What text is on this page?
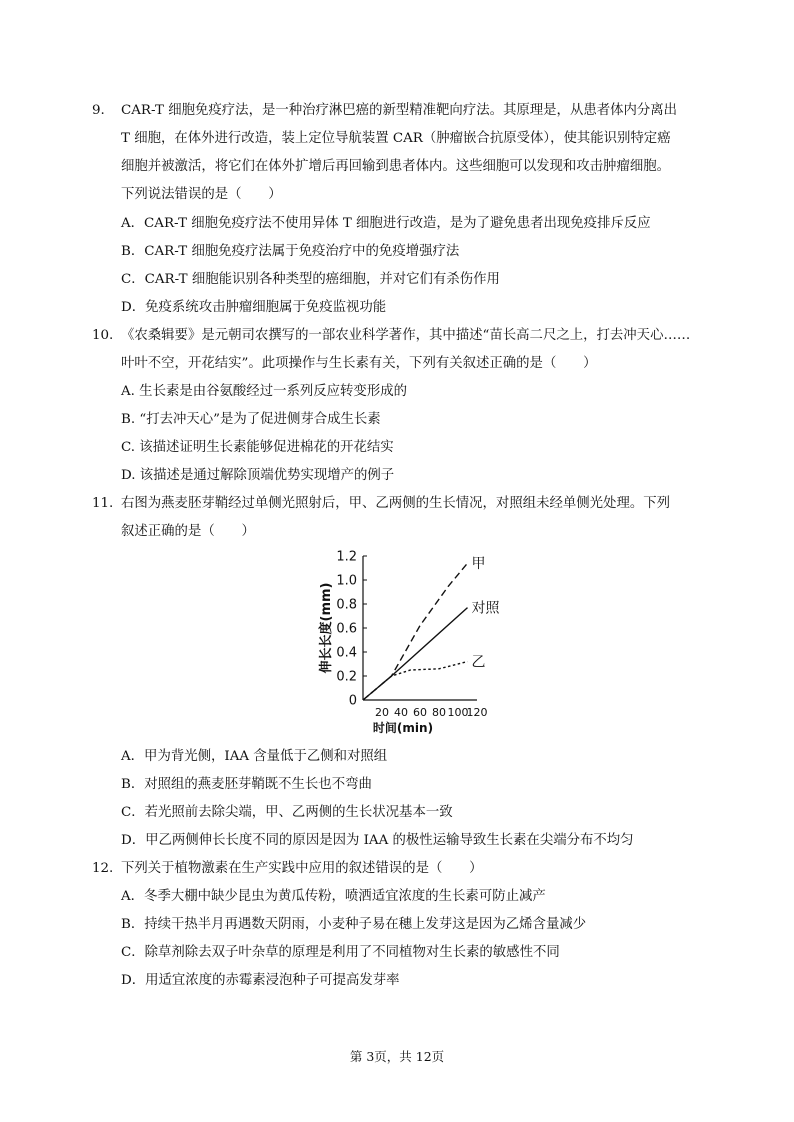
9. CAR-T 细胞免疫疗法，是一种治疗淋巴癌的新型精准靶向疗法。其原理是，从患者体内分离出
T 细胞，在体外进行改造，装上定位导航装置 CAR（肿瘤嵌合抗原受体），使其能识别特定癌
细胞并被激活，将它们在体外扩增后再回输到患者体内。这些细胞可以发现和攻击肿瘤细胞。
下列说法错误的是（　　）
A．CAR-T 细胞免疫疗法不使用异体 T 细胞进行改造，是为了避免患者出现免疫排斥反应
B．CAR-T 细胞免疫疗法属于免疫治疗中的免疫增强疗法
C．CAR-T 细胞能识别各种类型的癌细胞，并对它们有杀伤作用
D．免疫系统攻击肿瘤细胞属于免疫监视功能
10. 《农桑辑要》是元朝司农撰写的一部农业科学著作，其中描述“苗长高二尺之上，打去冲天心……
叶叶不空，开花结实”。此项操作与生长素有关，下列有关叙述正确的是（　　）
A. 生长素是由谷氨酸经过一系列反应转变形成的
B. “打去冲天心”是为了促进侧芽合成生长素
C. 该描述证明生长素能够促进棉花的开花结实
D. 该描述是通过解除顶端优势实现增产的例子
11. 右图为燕麦胚芽鞘经过单侧光照射后，甲、乙两侧的生长情况，对照组未经单侧光处理。下列
叙述正确的是（　　）
0
0.2
0.4
0.6
0.8
1.0
1.2
20 40 60 80 100
120
甲
对照
乙
伸长长度(mm)
时间(min)
A．甲为背光侧，IAA 含量低于乙侧和对照组
B．对照组的燕麦胚芽鞘既不生长也不弯曲
C．若光照前去除尖端，甲、乙两侧的生长状况基本一致
D．甲乙两侧伸长长度不同的原因是因为 IAA 的极性运输导致生长素在尖端分布不均匀
12. 下列关于植物激素在生产实践中应用的叙述错误的是（　　）
A．冬季大棚中缺少昆虫为黄瓜传粉，喷洒适宜浓度的生长素可防止减产
B．持续干热半月再遇数天阴雨，小麦种子易在穗上发芽这是因为乙烯含量减少
C．除草剂除去双子叶杂草的原理是利用了不同植物对生长素的敏感性不同
D．用适宜浓度的赤霉素浸泡种子可提高发芽率
第 3页，共 12页
